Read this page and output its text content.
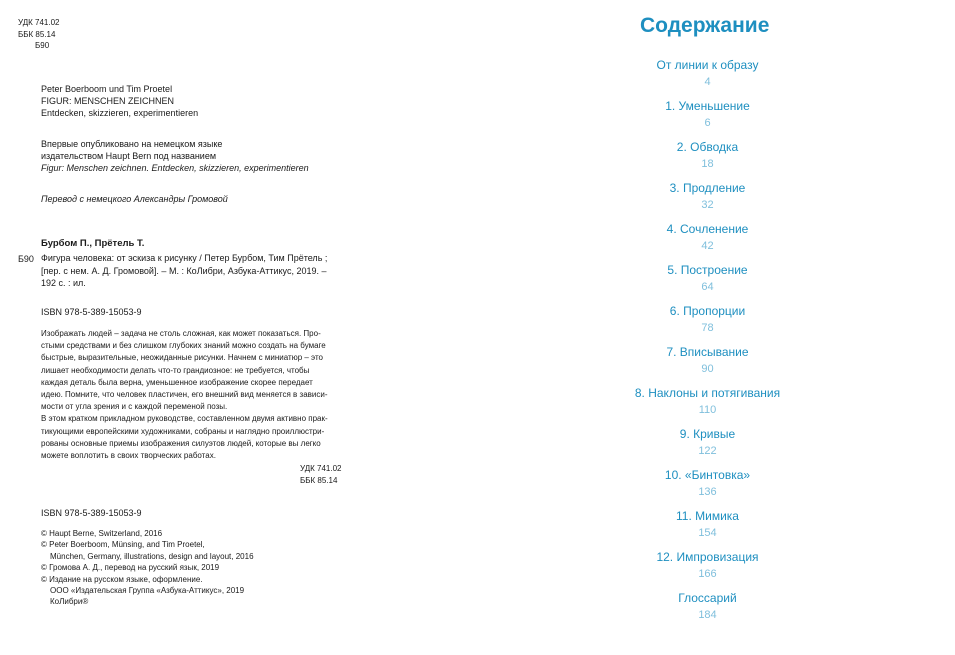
УДК 741.02
ББК 85.14
Б90
Peter Boerboom und Tim Proetel
FIGUR: MENSCHEN ZEICHNEN
Entdecken, skizzieren, experimentieren
Впервые опубликовано на немецком языке
издательством Haupt Bern под названием
Figur: Menschen zeichnen. Entdecken, skizzieren, experimentieren
Перевод с немецкого Александры Громовой
Бурбом П., Прётель Т.
Б90 Фигура человека: от эскиза к рисунку / Петер Бурбом, Тим Прётель ;
[пер. с нем. А. Д. Громовой]. – М. : КоЛибри, Азбука-Аттикус, 2019. –
192 с. : ил.
ISBN 978-5-389-15053-9
Изображать людей – задача не столь сложная, как может показаться. Про-
стыми средствами и без слишком глубоких знаний можно создать на бумаге
быстрые, выразительные, неожиданные рисунки. Начнем с миниатюр – это
лишает необходимости делать что-то грандиозное: не требуется, чтобы
каждая деталь была верна, уменьшенное изображение скорее передает
идею. Помните, что человек пластичен, его внешний вид меняется в зависи-
мости от угла зрения и с каждой переменой позы.
В этом кратком прикладном руководстве, составленном двумя активно прак-
тикующими европейскими художниками, собраны и наглядно проиллюстри-
рованы основные приемы изображения силуэтов людей, которые вы легко
можете воплотить в своих творческих работах.
УДК 741.02
ББК 85.14
ISBN 978-5-389-15053-9
© Haupt Berne, Switzerland, 2016
© Peter Boerboom, Münsing, and Tim Proetel,
München, Germany, illustrations, design and layout, 2016
© Громова А. Д., перевод на русский язык, 2019
© Издание на русском языке, оформление.
ООО «Издательская Группа «Азбука-Аттикус», 2019
КоЛибри®
Содержание
От линии к образу
4
1. Уменьшение
6
2. Обводка
18
3. Продление
32
4. Сочленение
42
5. Построение
64
6. Пропорции
78
7. Вписывание
90
8. Наклоны и потягивания
110
9. Кривые
122
10. «Бинтовка»
136
11. Мимика
154
12. Импровизация
166
Глоссарий
184
